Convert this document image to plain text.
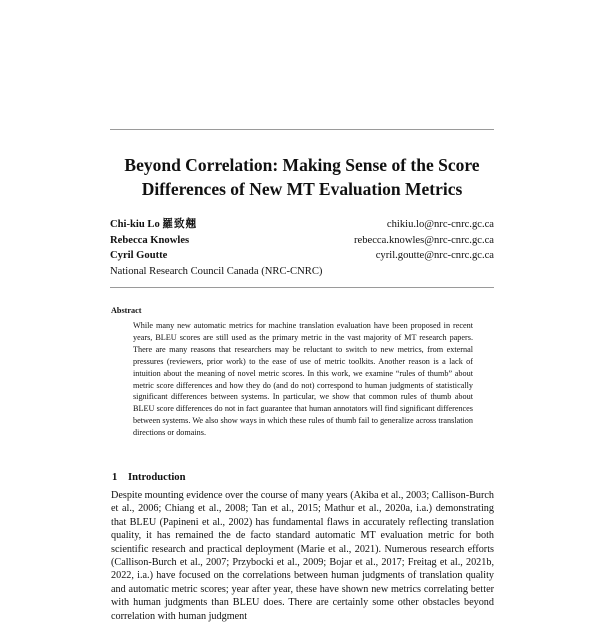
Beyond Correlation: Making Sense of the Score Differences of New MT Evaluation Metrics
Chi-kiu Lo 羅致翹	chikiu.lo@nrc-cnrc.gc.ca
Rebecca Knowles	rebecca.knowles@nrc-cnrc.gc.ca
Cyril Goutte	cyril.goutte@nrc-cnrc.gc.ca
National Research Council Canada (NRC-CNRC)
Abstract

While many new automatic metrics for machine translation evaluation have been proposed in recent years, BLEU scores are still used as the primary metric in the vast majority of MT research papers. There are many reasons that researchers may be reluctant to switch to new metrics, from external pressures (reviewers, prior work) to the ease of use of metric toolkits. Another reason is a lack of intuition about the meaning of novel metric scores. In this work, we examine “rules of thumb” about metric score differences and how they do (and do not) correspond to human judgments of statistically significant differences between systems. In particular, we show that common rules of thumb about BLEU score differences do not in fact guarantee that human annotators will find significant differences between systems. We also show ways in which these rules of thumb fail to generalize across translation directions or domains.

1 Introduction

Despite mounting evidence over the course of many years (Akiba et al., 2003; Callison-Burch et al., 2006; Chiang et al., 2008; Tan et al., 2015; Mathur et al., 2020a, i.a.) demonstrating that BLEU (Papineni et al., 2002) has fundamental flaws in accurately reflecting translation quality, it has remained the de facto standard automatic MT evaluation metric for both scientific research and practical deployment (Marie et al., 2021). Numerous research efforts (Callison-Burch et al., 2007; Przybocki et al., 2009; Bojar et al., 2017; Freitag et al., 2021b, 2022, i.a.) have focused on the correlations between human judgments of translation quality and automatic metric scores; year after year, these have shown new metrics correlating better with human judgments than BLEU does. There are certainly some other obstacles beyond correlation with human judgment
